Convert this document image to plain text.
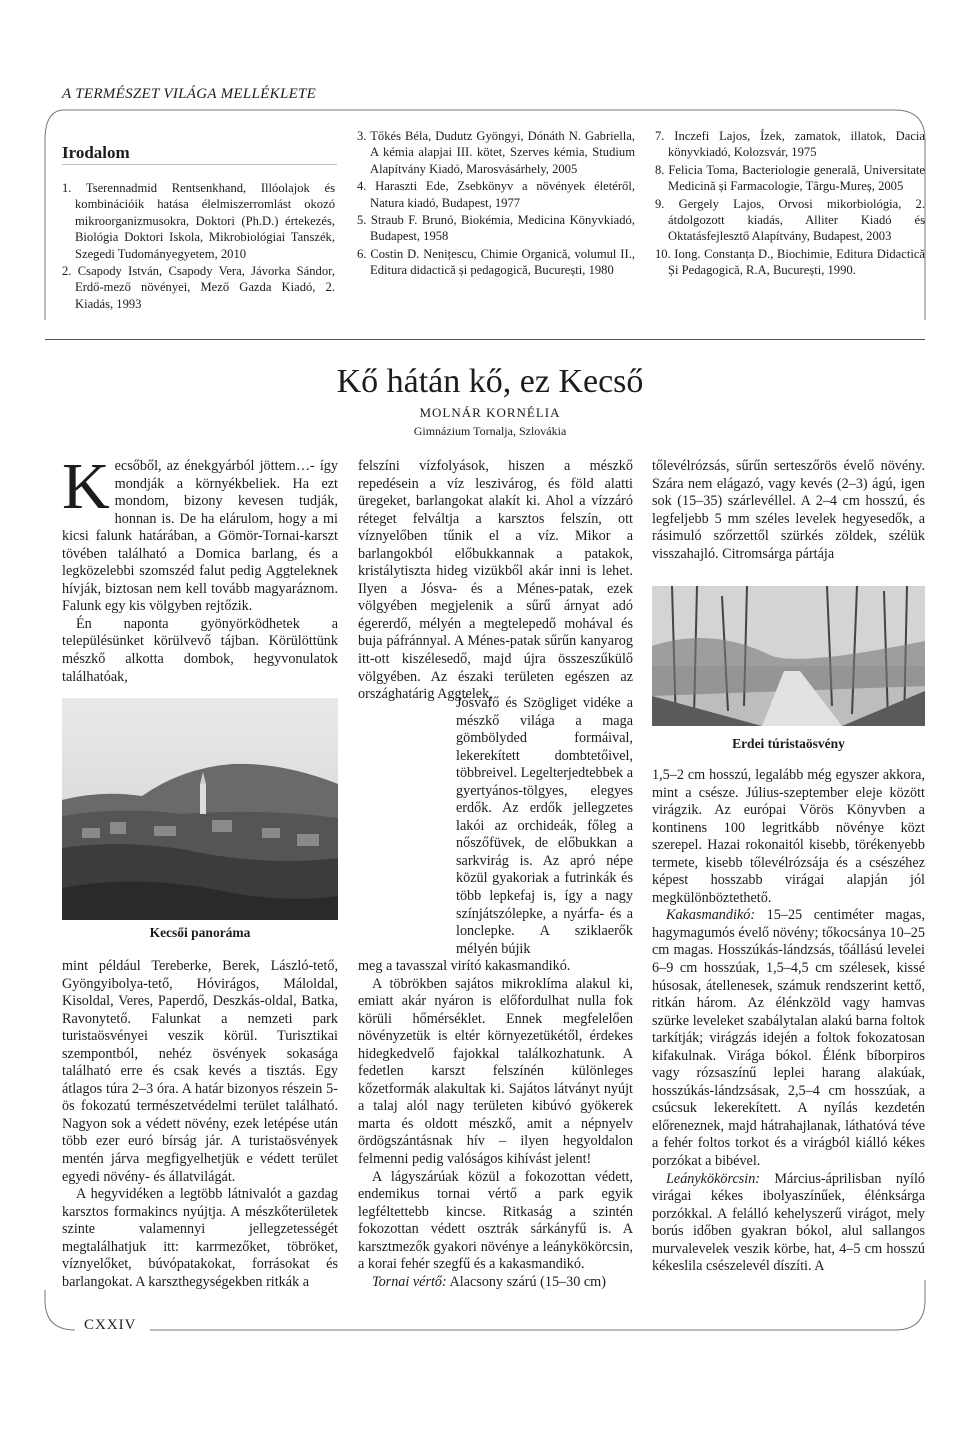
A TERMÉSZET VILÁGA MELLÉKLETE
Irodalom

1. Tserennadmid Rentsenkhand, Illóolajok és kombinációik hatása élelmiszerromlást okozó mikroorganizmusokra, Doktori (Ph.D.) értekezés, Biológia Doktori Iskola, Mikrobiológiai Tanszék, Szegedi Tudományegyetem, 2010

2. Csapody István, Csapody Vera, Jávorka Sándor, Erdő-mező növényei, Mező Gazda Kiadó, 2. Kiadás, 1993

3. Tőkés Béla, Dudutz Gyöngyi, Dónáth N. Gabriella, A kémia alapjai III. kötet, Szerves kémia, Studium Alapítvány Kiadó, Marosvásárhely, 2005

4. Haraszti Ede, Zsebkönyv a növények életéről, Natura kiadó, Budapest, 1977

5. Straub F. Brunó, Biokémia, Medicina Könyvkiadó, Budapest, 1958

6. Costin D. Nenițescu, Chimie Organică, volumul II., Editura didactică și pedagogică, București, 1980

7. Inczefi Lajos, Ízek, zamatok, illatok, Dacia könyvkiadó, Kolozsvár, 1975

8. Felicia Toma, Bacteriologie generală, Universitate Medicină și Farmacologie, Târgu-Mureș, 2005

9. Gergely Lajos, Orvosi mikorbiológia, 2. átdolgozott kiadás, Alliter Kiadó és Oktatásfejlesztő Alapítvány, Budapest, 2003

10. Iong. Constanța D., Biochimie, Editura Didactică Și Pedagogică, R.A, București, 1990.

Kő hátán kő, ez Kecső
MOLNÁR KORNÉLIA
Gimnázium Tornalja, Szlovákia

Kecsőből, az énekgyárból jöttem…- így mondják a környékbeliek. Ha ezt mondom, bizony kevesen tudják, honnan is. De ha elárulom, hogy a mi kicsi falunk határában, a Gömör-Tornai-karszt tövében található a Domica barlang, és a legközelebbi szomszéd falut pedig Aggteleknek hívják, biztosan nem kell tovább magyaráznom. Falunk egy kis völgyben rejtőzik.

Én naponta gyönyörködhetek a településünket körülvevő tájban. Körülöttünk mészkő alkotta dombok, hegyvonulatok találhatóak,

Kecsői panoráma

mint például Tereberke, Berek, László-tető, Gyöngyibolya-tető, Hóvirágos, Máloldal, Kisoldal, Veres, Paperdő, Deszkás-oldal, Batka, Ravonytető. Falunkat a nemzeti park turistaösvényei veszik körül. Turisztikai szempontból, nehéz ösvények sokasága található erre és csak kevés a tisztás. Egy átlagos túra 2–3 óra. A határ bizonyos részein 5-ös fokozatú természetvédelmi terület található. Nagyon sok a védett növény, ezek letépése után több ezer euró bírság jár. A turistaösvények mentén járva megfigyelhetjük e védett terület egyedi növény- és állatvilágát.

A hegyvidéken a legtöbb látnivalót a gazdag karsztos formakincs nyújtja. A mészkőterületek szinte valamennyi jellegzetességét megtalálhatjuk itt: karrmezőket, töbröket, víznyelőket, búvópatakokat, forrásokat és barlangokat. A karszthegységekben ritkák a

felszíni vízfolyások, hiszen a mészkő repedésein a víz leszivárog, és föld alatti üregeket, barlangokat alakít ki. Ahol a vízzáró réteget felváltja a karsztos felszín, ott víznyelőben tűnik el a víz. Mikor a barlangokból előbukkannak a patakok, kristálytiszta hideg vizükből akár inni is lehet. Ilyen a Jósva- és a Ménes-patak, ezek völgyében megjelenik a sűrű árnyat adó égererdő, mélyén a megtelepedő mohával és buja páfránnyal. A Ménes-patak sűrűn kanyarog itt-ott kiszélesedő, majd újra összeszűkülő völgyében. Az északi területen egészen az országhatárig Aggtelek,

Jósvafő és Szögliget vidéke a mészkő világa a maga gömbölyded formáival, lekerekített dombtetőivel, többreivel. Legelterjedtebbek a gyertyános-tölgyes, elegyes erdők. Az erdők jellegzetes lakói az orchideák, főleg a nőszőfüvek, de előbukkan a sarkvirág is. Az apró népe közül gyakoriak a futrinkák és több lepkefaj is, így a nagy színjátszólepke, a nyárfa- és a lonclepke. A sziklaerők mélyén bújik

meg a tavasszal virító kakasmandikó.

A töbrökben sajátos mikroklíma alakul ki, emiatt akár nyáron is előfordulhat nulla fok körüli hőmérséklet. Ennek megfelelően növényzetük is eltér környezetükétől, érdekes hidegkedvelő fajokkal találkozhatunk. A fedetlen karszt felszínén különleges kőzetformák alakultak ki. Sajátos látványt nyújt a talaj alól nagy területen kibúvó gyökerek marta és oldott mészkő, amit a népnyelv ördögszántásnak hív – ilyen hegyoldalon felmenni pedig valóságos kihívást jelent!

A lágyszárúak közül a fokozottan védett, endemikus tornai vértő a park egyik legféltettebb kincse. Ritkaság a szintén fokozottan védett osztrák sárkányfű is. A karsztmezők gyakori növénye a leánykökörcsin, a korai fehér szegfű és a kakasmandikó.

Tornai vértő: Alacsony szárú (15–30 cm)

tőlevélrózsás, sűrűn serteszőrös évelő növény. Szára nem elágazó, vagy kevés (2–3) ágú, igen sok (15–35) szárlevéllel. A 2–4 cm hosszú, és legfeljebb 5 mm széles levelek hegyesedők, a rásimuló szőrzettől szürkés zöldek, szélük visszahajló. Citromsárga pártája

Erdei túristaösvény

1,5–2 cm hosszú, legalább még egyszer akkora, mint a csésze. Július-szeptember eleje között virágzik. Az európai Vörös Könyvben a kontinens 100 legritkább növénye közt szerepel. Hazai rokonaitól kisebb, törékenyebb termete, kisebb tőlevélrózsája és a csészéhez képest hosszabb virágai alapján jól megkülönböztethető.

Kakasmandikó: 15–25 centiméter magas, hagymagumós évelő növény; tőkocsánya 10–25 cm magas. Hosszúkás-lándzsás, tőállású levelei 6–9 cm hosszúak, 1,5–4,5 cm szélesek, kissé húsosak, átellenesek, számuk rendszerint kettő, ritkán három. Az élénkzöld vagy hamvas szürke leveleket szabálytalan alakú barna foltok tarkítják; virágzás idején a foltok fokozatosan kifakulnak. Virága bókol. Élénk bíborpiros vagy rózsaszínű leplei harang alakúak, hosszúkás-lándzsásak, 2,5–4 cm hosszúak, a csúcsuk lekerekített. A nyílás kezdetén előreneznek, majd hátrahajlanak, láthatóvá téve a fehér foltos torkot és a virágból kiálló kékes porzókat a bibével.

Leánykökörcsin: Március-áprilisban nyíló virágai kékes ibolyaszínűek, élénksárga porzókkal. A felálló kehelyszerű virágot, mely borús időben gyakran bókol, alul sallangos murvalevelek veszik körbe, hat, 4–5 cm hosszú kékeslila csészelevél díszíti. A

CXXIV
